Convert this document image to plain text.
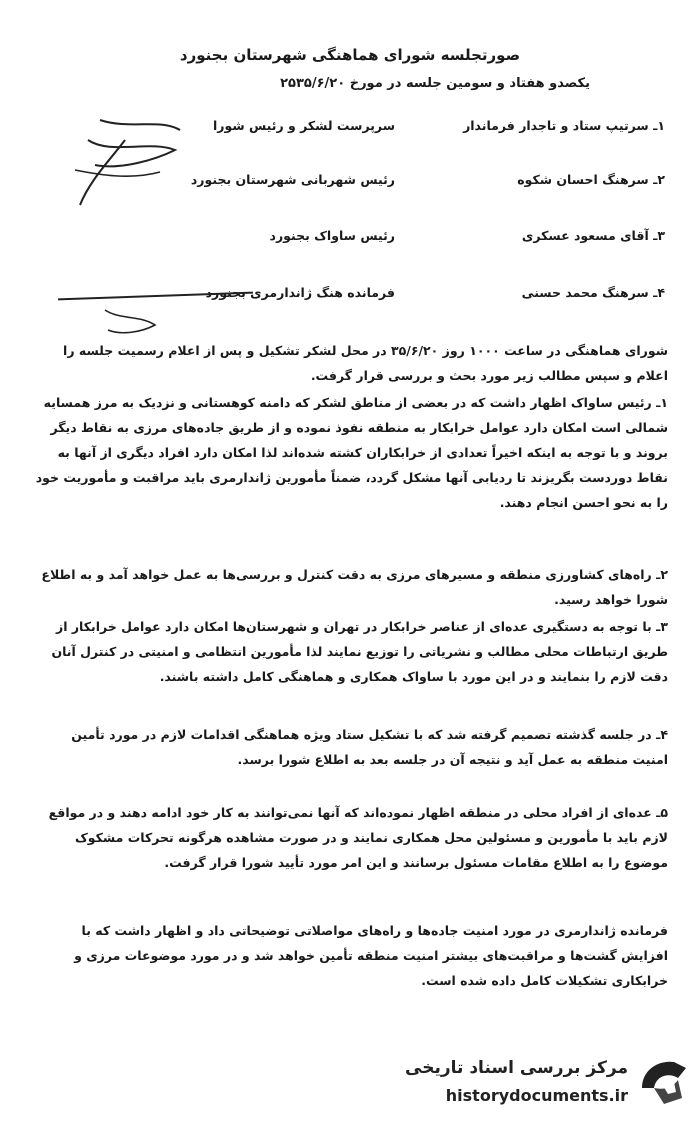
صورتجلسه شورای هماهنگی شهرستان بجنورد
یکصدو هفتاد و سومین جلسه در مورخ ۲۵۳۵/۶/۲۰
۱ـ سرتیپ ستاد و تاجدار فرماندار
سرپرست لشکر و رئیس شورا
۲ـ سرهنگ احسان شکوه
رئیس شهربانی شهرستان بجنورد
۳ـ آقای مسعود عسکری
رئیس ساواک بجنورد
۴ـ سرهنگ محمد حسنی
فرمانده هنگ ژاندارمری بجنورد
شورای هماهنگی در ساعت ۱۰۰۰ روز ۳۵/۶/۲۰ در محل لشکر تشکیل و پس از اعلام رسمیت جلسه را اعلام و سپس مطالب زیر مورد بحث و بررسی قرار گرفت.
۱ـ رئیس ساواک اظهار داشت که در بعضی از مناطق لشکر که دامنه کوهستانی و نزدیک به مرز همسایه شمالی است امکان دارد عوامل خرابکار به منطقه نفوذ نموده و از طریق جاده‌های مرزی به نقاط دیگر بروند و با توجه به اینکه اخیراً تعدادی از خرابکاران کشته شده‌اند لذا امکان دارد افراد دیگری از آنها به نقاط دوردست بگریزند تا ردیابی آنها مشکل گردد، ضمناً مأمورین ژاندارمری باید مراقبت و مأموریت خود را به نحو احسن انجام دهند.
۲ـ راه‌های کشاورزی منطقه و مسیرهای مرزی به دقت کنترل و بررسی‌ها به عمل خواهد آمد و به اطلاع شورا خواهد رسید.
۳ـ با توجه به دستگیری عده‌ای از عناصر خرابکار در تهران و شهرستان‌ها امکان دارد عوامل خرابکار از طریق ارتباطات محلی مطالب و نشریاتی را توزیع نمایند لذا مأمورین انتظامی و امنیتی در کنترل آنان دقت لازم را بنمایند و در این مورد با ساواک همکاری و هماهنگی کامل داشته باشند.
۴ـ در جلسه گذشته تصمیم گرفته شد که با تشکیل ستاد ویژه هماهنگی اقدامات لازم در مورد تأمین امنیت منطقه به عمل آید و نتیجه آن در جلسه بعد به اطلاع شورا برسد.
۵ـ عده‌ای از افراد محلی در منطقه اظهار نموده‌اند که آنها نمی‌توانند به کار خود ادامه دهند و در مواقع لازم باید با مأمورین و مسئولین محل همکاری نمایند و در صورت مشاهده هرگونه تحرکات مشکوک موضوع را به اطلاع مقامات مسئول برسانند و این امر مورد تأیید شورا قرار گرفت.
فرمانده ژاندارمری در مورد امنیت جاده‌ها و راه‌های مواصلاتی توضیحاتی داد و اظهار داشت که با افزایش گشت‌ها و مراقبت‌های بیشتر امنیت منطقه تأمین خواهد شد و در مورد موضوعات مرزی و خرابکاری تشکیلات کامل داده شده است.
مرکز بررسی اسناد تاریخی
historydocuments.ir
